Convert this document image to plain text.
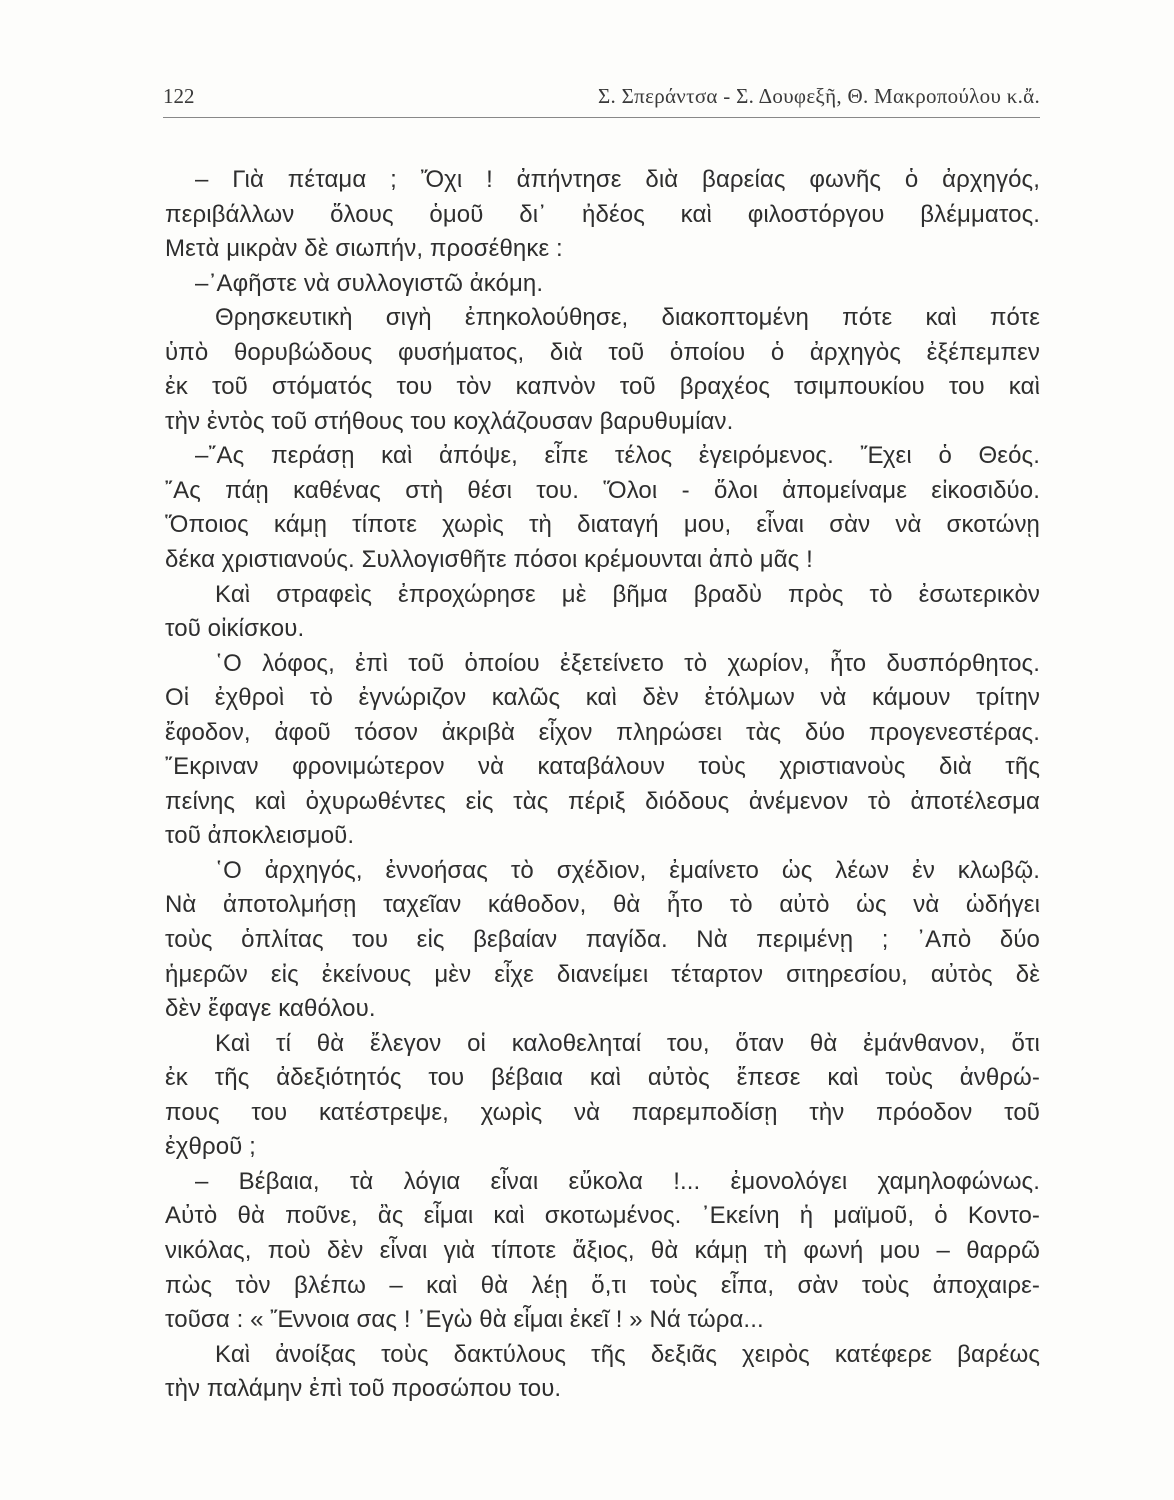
122	Σ. Σπεράντσα - Σ. Δουφεξῆ, Θ. Μακροπούλου κ.ἄ.
– Γιὰ πέταμα ; Ὄχι ! ἀπήντησε διὰ βαρείας φωνῆς ὁ ἀρχηγός,
περιβάλλων ὅλους ὁμοῦ δι᾽ ἠδέος καὶ φιλοστόργου βλέμματος.
Μετὰ μικρὰν δὲ σιωπήν, προσέθηκε :
–᾿Αφῆστε νὰ συλλογιστῶ ἀκόμη.
Θρησκευτικὴ σιγὴ ἐπηκολούθησε, διακοπτομένη πότε καὶ πότε
ὑπὸ θορυβώδους φυσήματος, διὰ τοῦ ὁποίου ὁ ἀρχηγὸς ἐξέπεμπεν
ἐκ τοῦ στόματός του τὸν καπνὸν τοῦ βραχέος τσιμπουκίου του καὶ
τὴν ἐντὸς τοῦ στήθους του κοχλάζουσαν βαρυθυμίαν.
–῎Ας περάσῃ καὶ ἀπόψε, εἶπε τέλος ἐγειρόμενος. Ἔχει ὁ Θεός.
῎Ας πάῃ καθένας στὴ θέσι του. Ὅλοι - ὅλοι ἀπομείναμε εἰκοσιδύο.
Ὅποιος κάμῃ τίποτε χωρὶς τὴ διαταγή μου, εἶναι σὰν νὰ σκοτώνῃ
δέκα χριστιανούς. Συλλογισθῆτε πόσοι κρέμουνται ἀπὸ μᾶς !
Καὶ στραφεὶς ἐπροχώρησε μὲ βῆμα βραδὺ πρὸς τὸ ἐσωτερικὸν
τοῦ οἰκίσκου.
῾Ο λόφος, ἐπὶ τοῦ ὁποίου ἐξετείνετο τὸ χωρίον, ἦτο δυσπόρθητος.
Οἱ ἐχθροὶ τὸ ἐγνώριζον καλῶς καὶ δὲν ἐτόλμων νὰ κάμουν τρίτην
ἔφοδον, ἀφοῦ τόσον ἀκριβὰ εἶχον πληρώσει τὰς δύο προγενεστέρας.
῎Εκριναν φρονιμώτερον νὰ καταβάλουν τοὺς χριστιανοὺς διὰ τῆς
πείνης καὶ ὀχυρωθέντες εἰς τὰς πέριξ διόδους ἀνέμενον τὸ ἀποτέλεσμα
τοῦ ἀποκλεισμοῦ.
῾Ο ἀρχηγός, ἐννοήσας τὸ σχέδιον, ἐμαίνετο ὡς λέων ἐν κλωβῷ.
Νὰ ἀποτολμήσῃ ταχεῖαν κάθοδον, θὰ ἦτο τὸ αὐτὸ ὡς νὰ ὡδήγει
τοὺς ὁπλίτας του εἰς βεβαίαν παγίδα. Νὰ περιμένῃ ; ᾿Απὸ δύο
ἡμερῶν εἰς ἐκείνους μὲν εἶχε διανείμει τέταρτον σιτηρεσίου, αὐτὸς δὲ
δὲν ἔφαγε καθόλου.
Καὶ τί θὰ ἔλεγον οἱ καλοθεληταί του, ὅταν θὰ ἐμάνθανον, ὅτι
ἐκ τῆς ἀδεξιότητός του βέβαια καὶ αὐτὸς ἔπεσε καὶ τοὺς ἀνθρώ-
πους του κατέστρεψε, χωρὶς νὰ παρεμποδίσῃ τὴν πρόοδον τοῦ
ἐχθροῦ ;
– Βέβαια, τὰ λόγια εἶναι εὔκολα !... ἐμονολόγει χαμηλοφώνως.
Αὐτὸ θὰ ποῦνε, ἂς εἶμαι καὶ σκοτωμένος. ᾿Εκείνη ἡ μαϊμοῦ, ὁ Κοντο-
νικόλας, ποὺ δὲν εἶναι γιὰ τίποτε ἄξιος, θὰ κάμῃ τὴ φωνή μου – θαρρῶ
πὼς τὸν βλέπω – καὶ θὰ λέῃ ὅ,τι τοὺς εἶπα, σὰν τοὺς ἀποχαιρε-
τοῦσα : « Ἔννοια σας ! ᾿Εγὼ θὰ εἶμαι ἐκεῖ ! » Νά τώρα...
Καὶ ἀνοίξας τοὺς δακτύλους τῆς δεξιᾶς χειρὸς κατέφερε βαρέως
τὴν παλάμην ἐπὶ τοῦ προσώπου του.
